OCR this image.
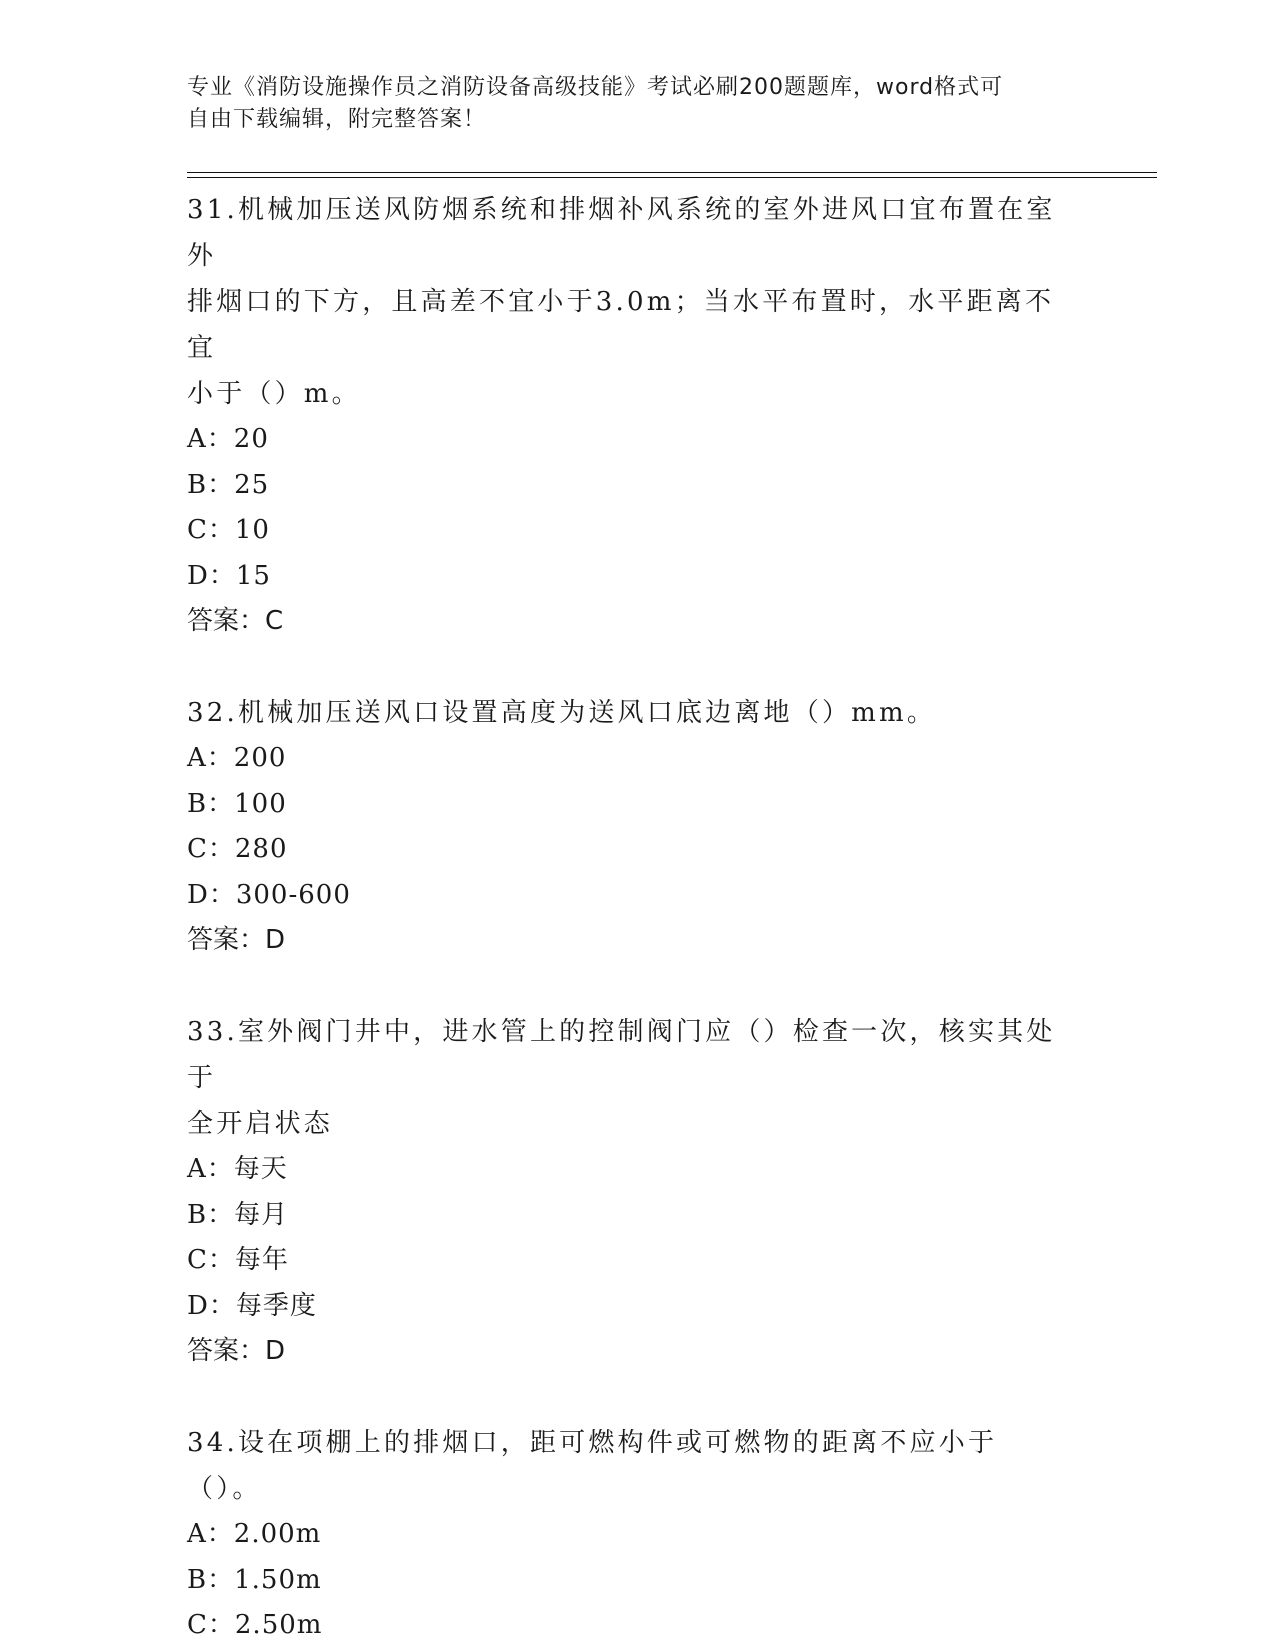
专业《消防设施操作员之消防设备高级技能》考试必刷200题题库，word格式可
自由下载编辑，附完整答案！

31.机械加压送风防烟系统和排烟补风系统的室外进风口宜布置在室外

排烟口的下方，且高差不宜小于3.0m；当水平布置时，水平距离不宜

小于（）m。

A：20

B：25

C：10

D：15

答案：C

32.机械加压送风口设置高度为送风口底边离地（）mm。

A：200

B：100

C：280

D：300-600

答案：D

33.室外阀门井中，进水管上的控制阀门应（）检查一次，核实其处于

全开启状态

A：每天

B：每月

C：每年

D：每季度

答案：D

34.设在项棚上的排烟口，距可燃构件或可燃物的距离不应小于（）。

A：2.00m

B：1.50m

C：2.50m
